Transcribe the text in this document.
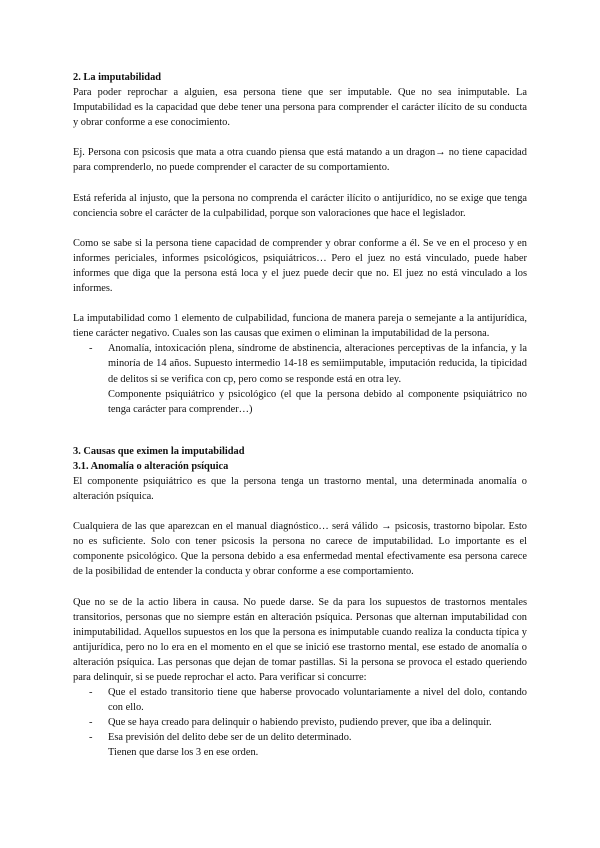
2. La imputabilidad

Para poder reprochar a alguien, esa persona tiene que ser imputable. Que no sea inimputable. La Imputabilidad es la capacidad que debe tener una persona para comprender el carácter ilícito de su conducta y obrar conforme a ese conocimiento.

Ej. Persona con psicosis que mata a otra cuando piensa que está matando a un dragon→ no tiene capacidad para comprenderlo, no puede comprender el caracter de su comportamiento.

Está referida al injusto, que la persona no comprenda el carácter ilícito o antijurídico, no se exige que tenga conciencia sobre el carácter de la culpabilidad, porque son valoraciones que hace el legislador.

Como se sabe si la persona tiene capacidad de comprender y obrar conforme a él. Se ve en el proceso y en informes periciales, informes psicológicos, psiquiátricos… Pero el juez no está vinculado, puede haber informes que diga que la persona está loca y el juez puede decir que no. El juez no está vinculado a los informes.

La imputabilidad como 1 elemento de culpabilidad, funciona de manera pareja o semejante a la antijurídica, tiene carácter negativo. Cuales son las causas que eximen o eliminan la imputabilidad de la persona.

- Anomalía, intoxicación plena, síndrome de abstinencia, alteraciones perceptivas de la infancia, y la minoría de 14 años. Supuesto intermedio 14-18 es semiimputable, imputación reducida, la tipicidad de delitos si se verifica con cp, pero como se responde está en otra ley.

Componente psiquiátrico y psicológico (el que la persona debido al componente psiquiátrico no tenga carácter para comprender…)

3. Causas que eximen la imputabilidad

3.1. Anomalía o alteración psíquica

El componente psiquiátrico es que la persona tenga un trastorno mental, una determinada anomalía o alteración psíquica.

Cualquiera de las que aparezcan en el manual diagnóstico… será válido → psicosis, trastorno bipolar. Esto no es suficiente. Solo con tener psicosis la persona no carece de imputabilidad. Lo importante es el componente psicológico. Que la persona debido a esa enfermedad mental efectivamente esa persona carece de la posibilidad de entender la conducta y obrar conforme a ese comportamiento.

Que no se de la actio libera in causa. No puede darse. Se da para los supuestos de trastornos mentales transitorios, personas que no siempre están en alteración psíquica. Personas que alternan imputabilidad con inimputabilidad. Aquellos supuestos en los que la persona es inimputable cuando realiza la conducta típica y antijurídica, pero no lo era en el momento en el que se inició ese trastorno mental, ese estado de anomalía o alteración psíquica. Las personas que dejan de tomar pastillas. Si la persona se provoca el estado queriendo para delinquir, si se puede reprochar el acto. Para verificar si concurre:

- Que el estado transitorio tiene que haberse provocado voluntariamente a nivel del dolo, contando con ello.
- Que se haya creado para delinquir o habiendo previsto, pudiendo prever, que iba a delinquir.
- Esa previsión del delito debe ser de un delito determinado.

Tienen que darse los 3 en ese orden.
